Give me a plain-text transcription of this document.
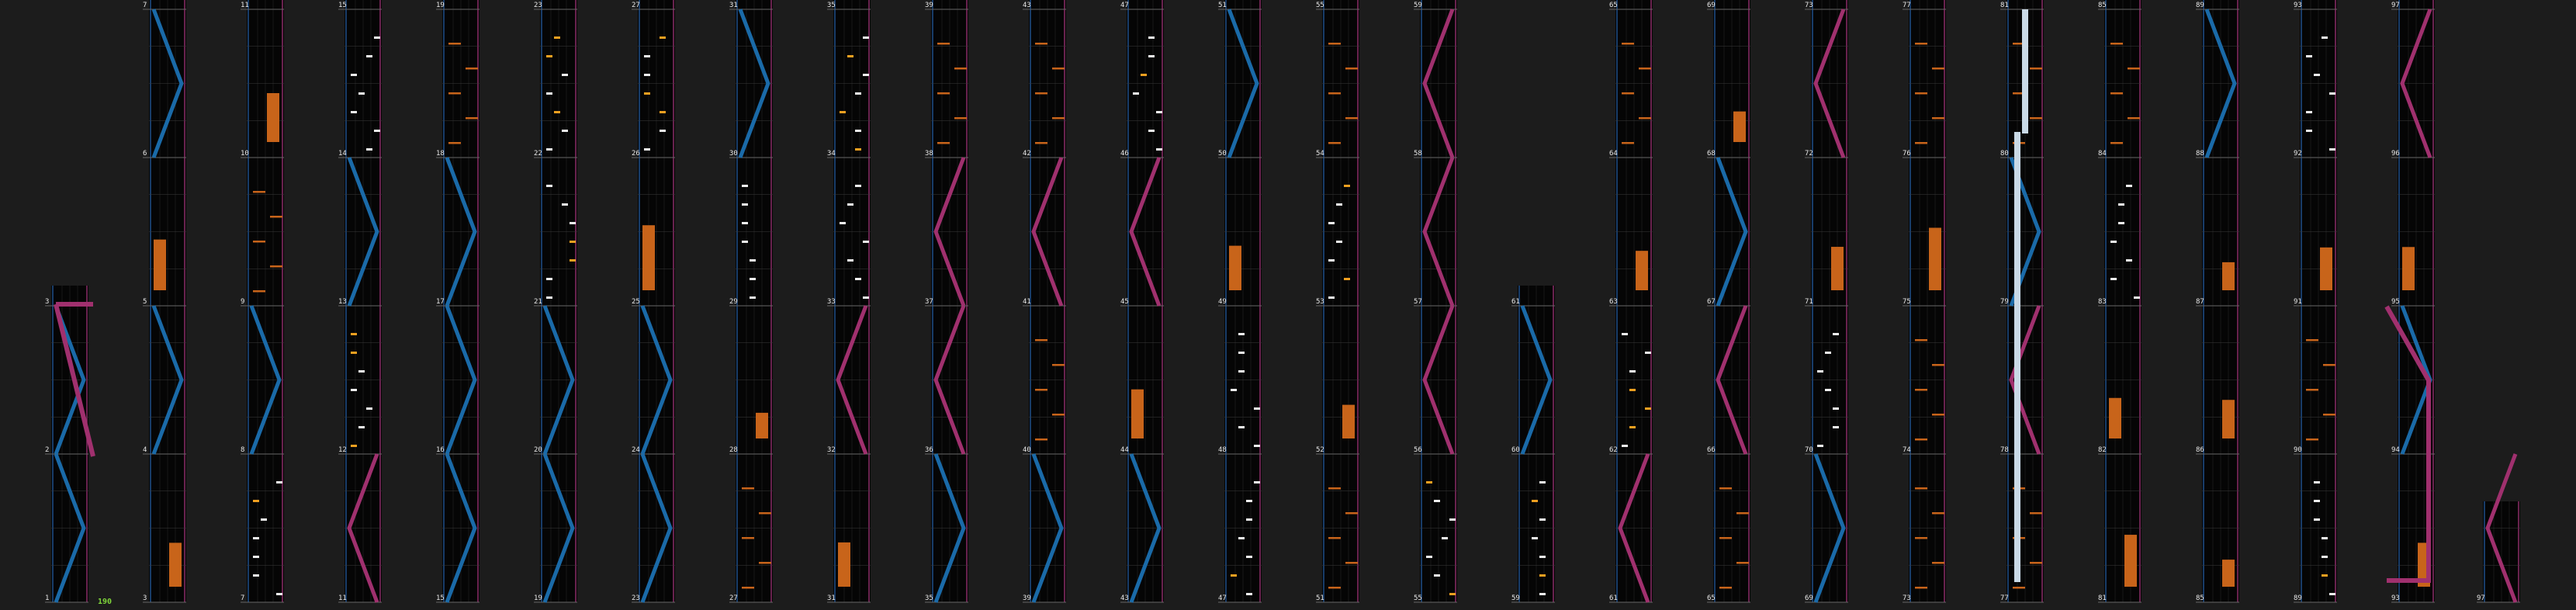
190
1
2
3
3
4
5
6
7
7
8
9
10
11
11
12
13
14
15
15
16
17
18
19
19
20
21
22
23
23
24
25
26
27
27
28
29
30
31
31
32
33
34
35
35
36
37
38
39
39
40
41
42
43
43
44
45
46
47
47
48
49
50
51
51
52
53
54
55
55
56
57
58
59
59
60
61
61
62
63
64
65
65
66
67
68
69
69
70
71
72
73
73
74
75
76
77
77
78
79
80
81
81
82
83
84
85
85
86
87
88
89
89
90
91
92
93
93
94
95
96
97
97
